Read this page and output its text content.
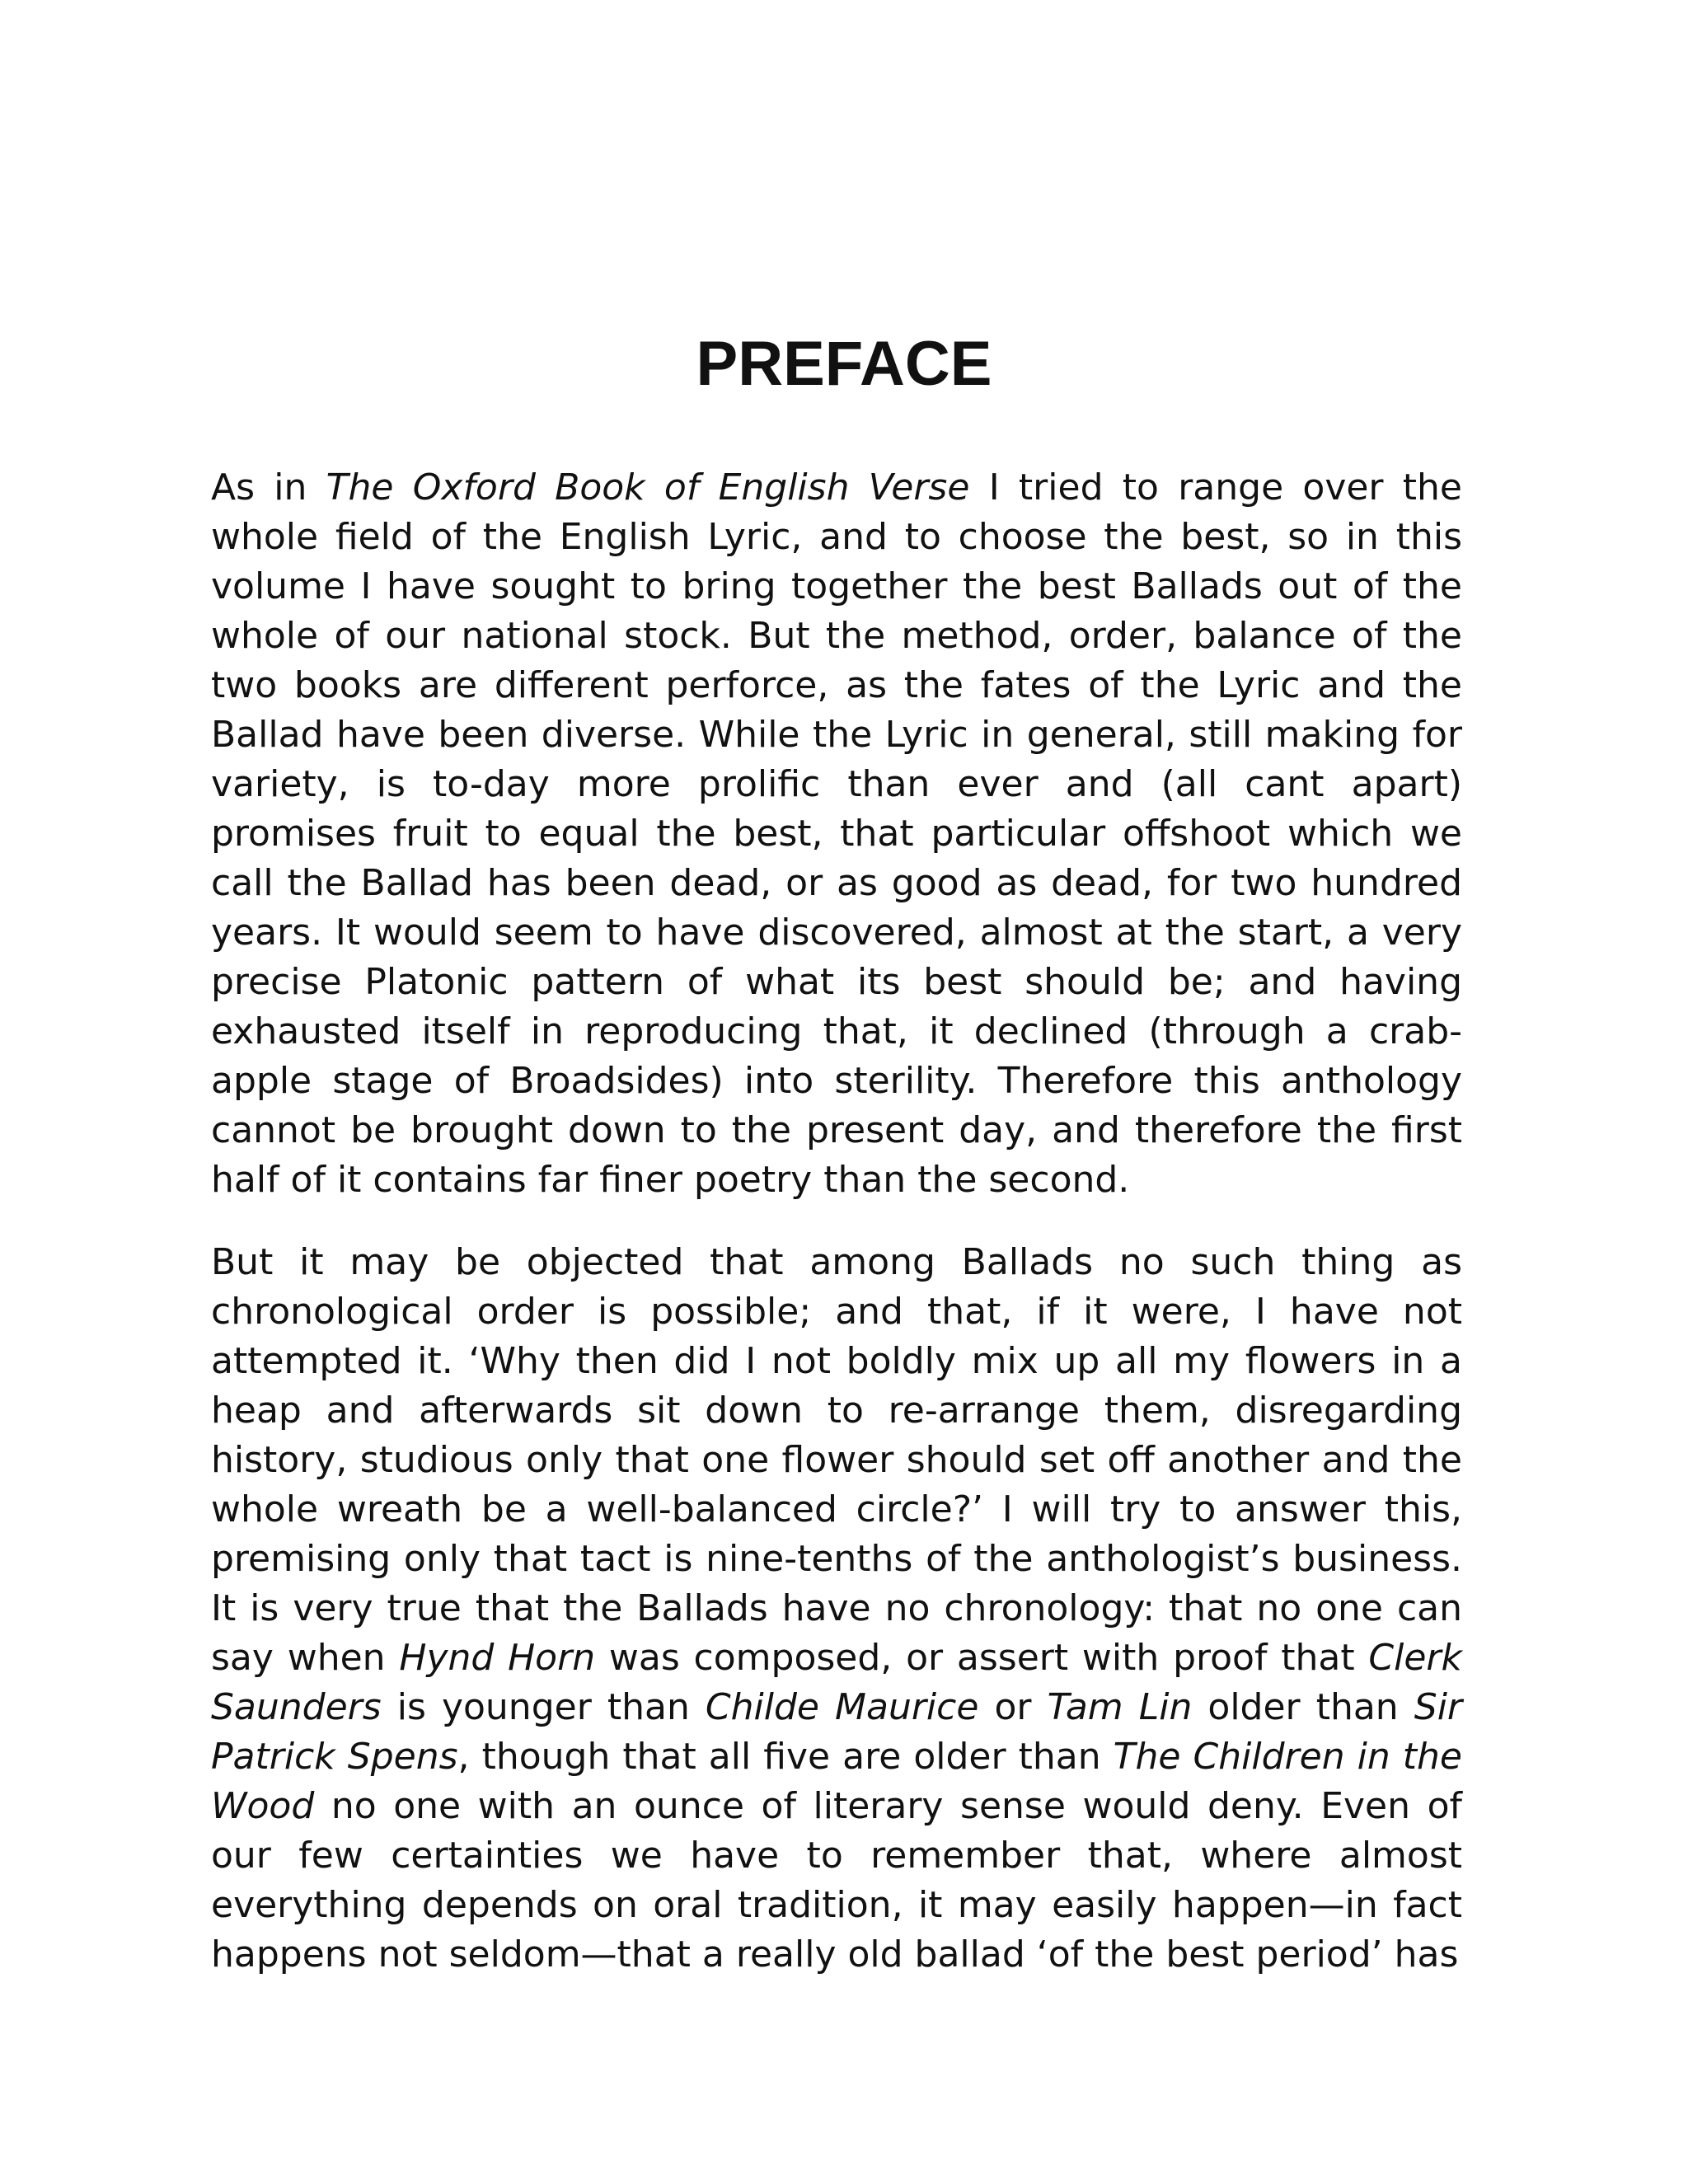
PREFACE

As in The Oxford Book of English Verse I tried to range over the whole field of the English Lyric, and to choose the best, so in this volume I have sought to bring together the best Ballads out of the whole of our national stock. But the method, order, balance of the two books are different perforce, as the fates of the Lyric and the Ballad have been diverse. While the Lyric in general, still making for variety, is to-day more prolific than ever and (all cant apart) promises fruit to equal the best, that particular offshoot which we call the Ballad has been dead, or as good as dead, for two hundred years. It would seem to have discovered, almost at the start, a very precise Platonic pattern of what its best should be; and having exhausted itself in reproducing that, it declined (through a crab-apple stage of Broadsides) into sterility. Therefore this anthology cannot be brought down to the present day, and therefore the first half of it contains far finer poetry than the second.

But it may be objected that among Ballads no such thing as chronological order is possible; and that, if it were, I have not attempted it. ‘Why then did I not boldly mix up all my flowers in a heap and afterwards sit down to re-arrange them, disregarding history, studious only that one flower should set off another and the whole wreath be a well-balanced circle?’ I will try to answer this, premising only that tact is nine-tenths of the anthologist’s business. It is very true that the Ballads have no chronology: that no one can say when Hynd Horn was composed, or assert with proof that Clerk Saunders is younger than Childe Maurice or Tam Lin older than Sir Patrick Spens, though that all five are older than The Children in the Wood no one with an ounce of literary sense would deny. Even of our few certainties we have to remember that, where almost everything depends on oral tradition, it may easily happen—in fact happens not seldom—that a really old ballad ‘of the best period’ has
